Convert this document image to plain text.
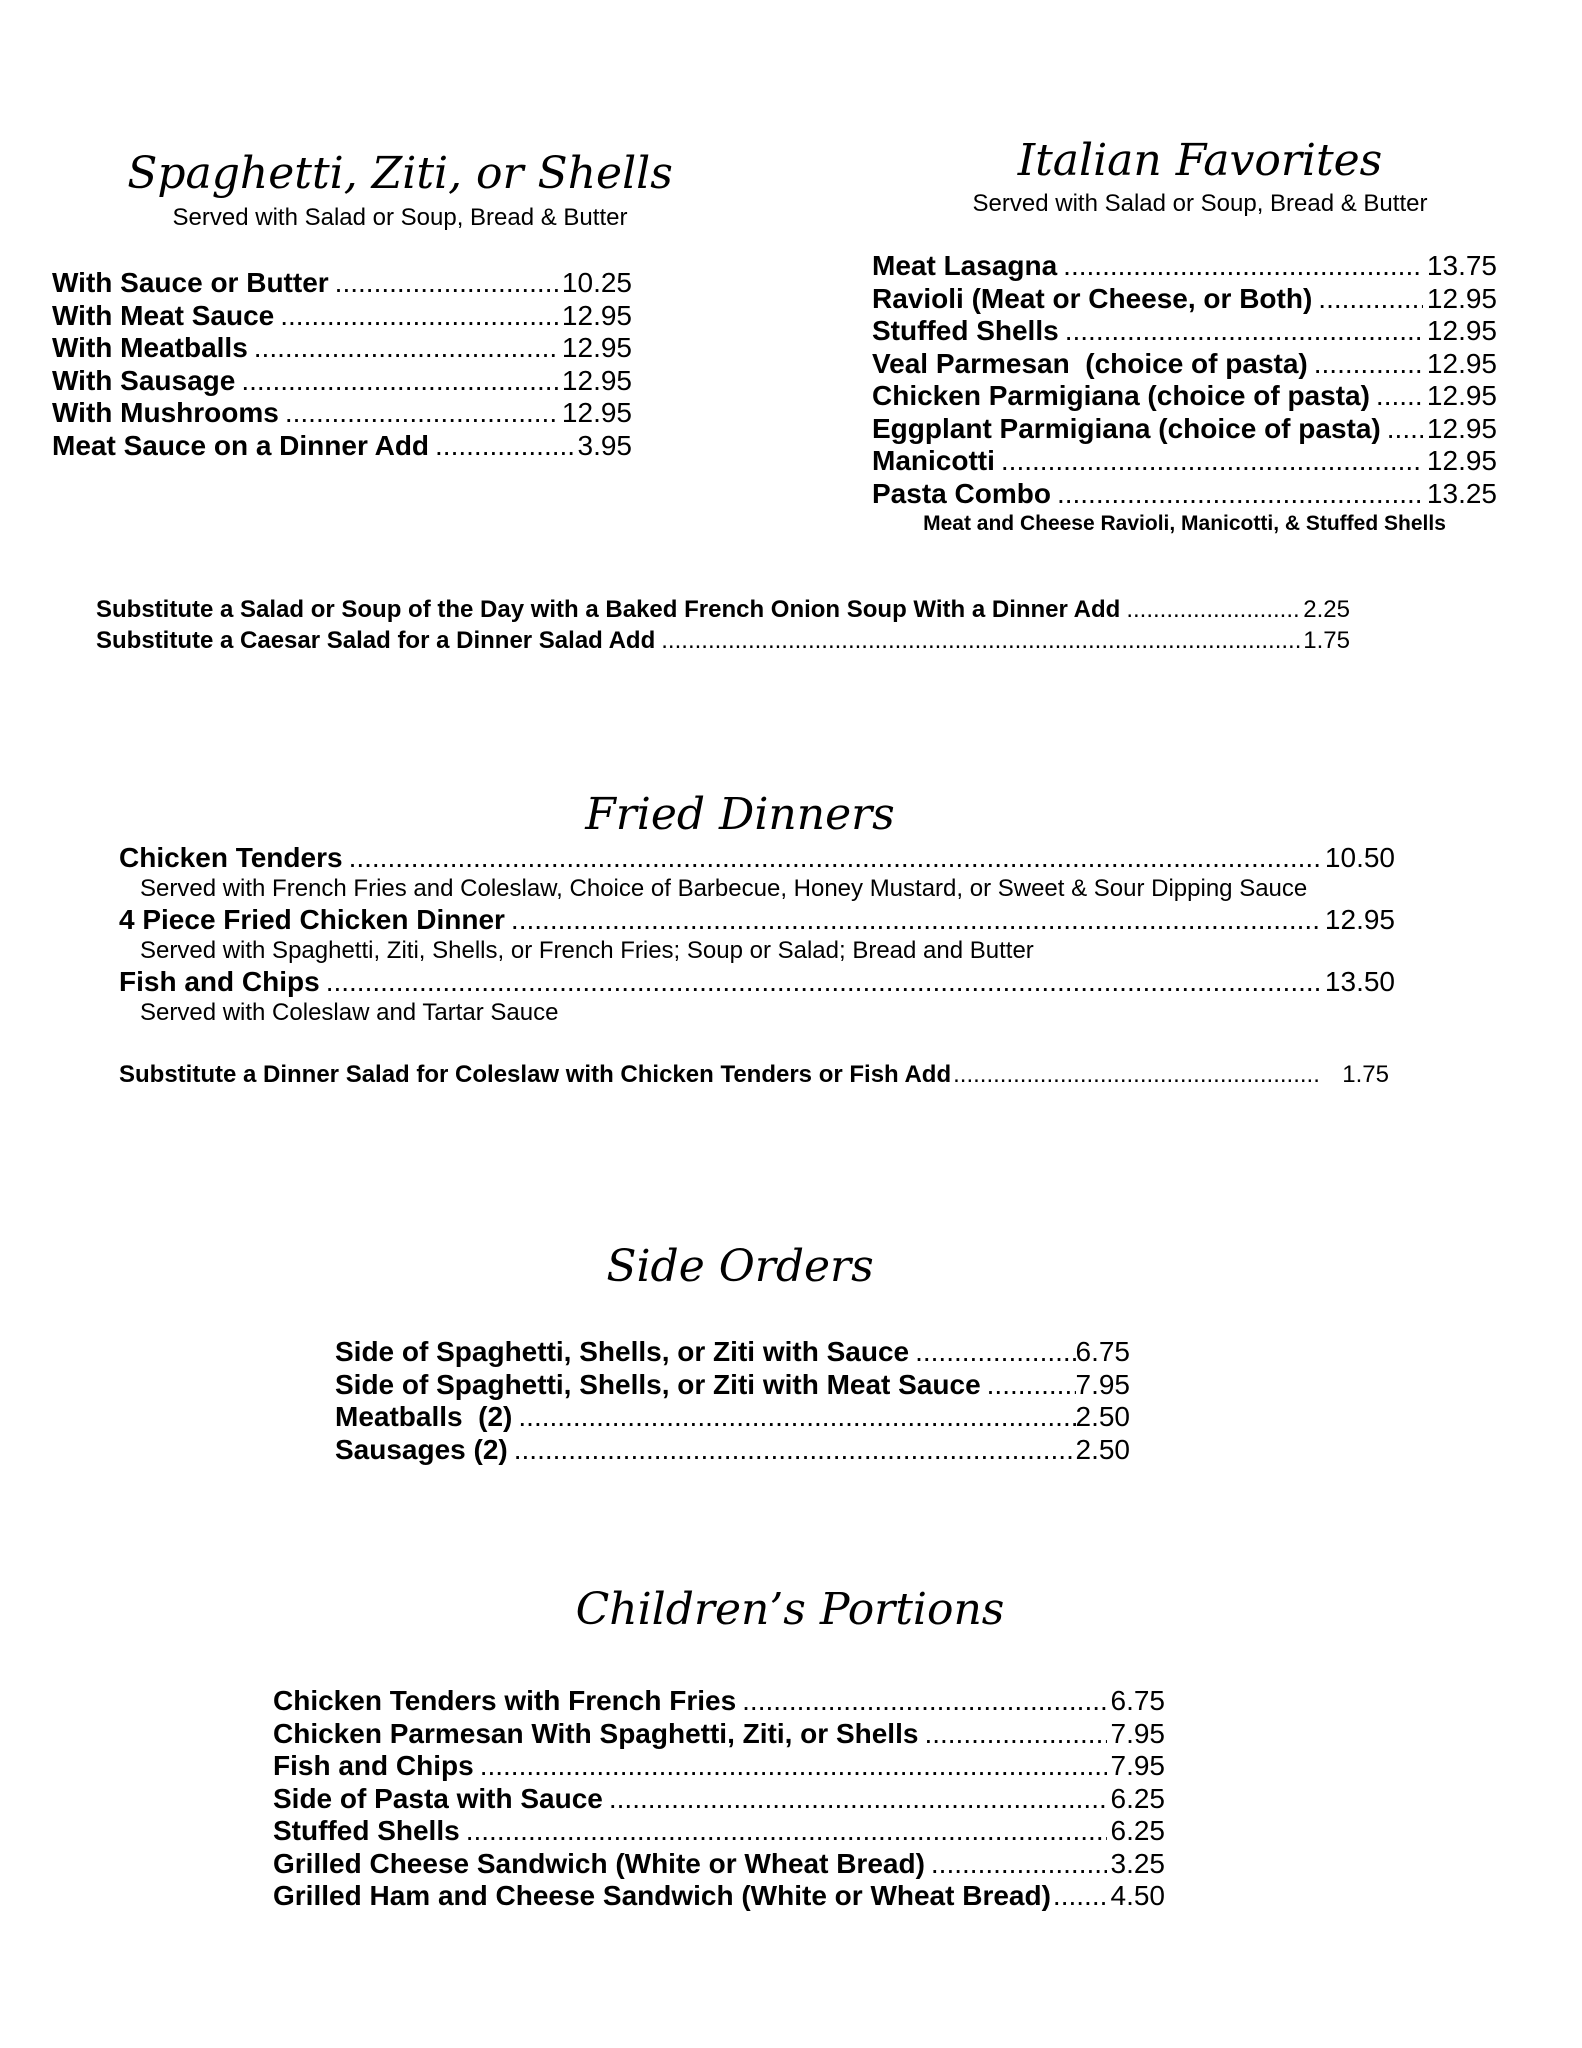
Spaghetti, Ziti, or Shells
Served with Salad or Soup, Bread & Butter
With Sauce or Butter .....	10.25
With Meat Sauce .....	12.95
With Meatballs .....	12.95
With Sausage .....	12.95
With Mushrooms .....	12.95
Meat Sauce on a Dinner Add .....	3.95
Italian Favorites
Served with Salad or Soup, Bread & Butter
Meat Lasagna .....	13.75
Ravioli (Meat or Cheese, or Both) .....	12.95
Stuffed Shells .....	12.95
Veal Parmesan  (choice of pasta) .....	12.95
Chicken Parmigiana (choice of pasta) ..... 12.95
Eggplant Parmigiana (choice of pasta) ..... 12.95
Manicotti .....	12.95
Pasta Combo .....	13.25
Meat and Cheese Ravioli, Manicotti, & Stuffed Shells
Substitute a Salad or Soup of the Day with a Baked French Onion Soup With a Dinner Add .....	2.25
Substitute a Caesar Salad for a Dinner Salad Add .....	1.75
Fried Dinners
Chicken Tenders .....	10.50
Served with French Fries and Coleslaw, Choice of Barbecue, Honey Mustard, or Sweet & Sour Dipping Sauce
4 Piece Fried Chicken Dinner .....	12.95
Served with Spaghetti, Ziti, Shells, or French Fries; Soup or Salad; Bread and Butter
Fish and Chips .....	13.50
Served with Coleslaw and Tartar Sauce
Substitute a Dinner Salad for Coleslaw with Chicken Tenders or Fish Add .....	1.75
Side Orders
Side of Spaghetti, Shells, or Ziti with Sauce .....	6.75
Side of Spaghetti, Shells, or Ziti with Meat Sauce .....	7.95
Meatballs  (2) .....	2.50
Sausages (2) .....	2.50
Children’s Portions
Chicken Tenders with French Fries .....	6.75
Chicken Parmesan With Spaghetti, Ziti, or Shells .....	7.95
Fish and Chips .....	7.95
Side of Pasta with Sauce .....	6.25
Stuffed Shells .....	6.25
Grilled Cheese Sandwich (White or Wheat Bread) .....	3.25
Grilled Ham and Cheese Sandwich (White or Wheat Bread) ..... 4.50
